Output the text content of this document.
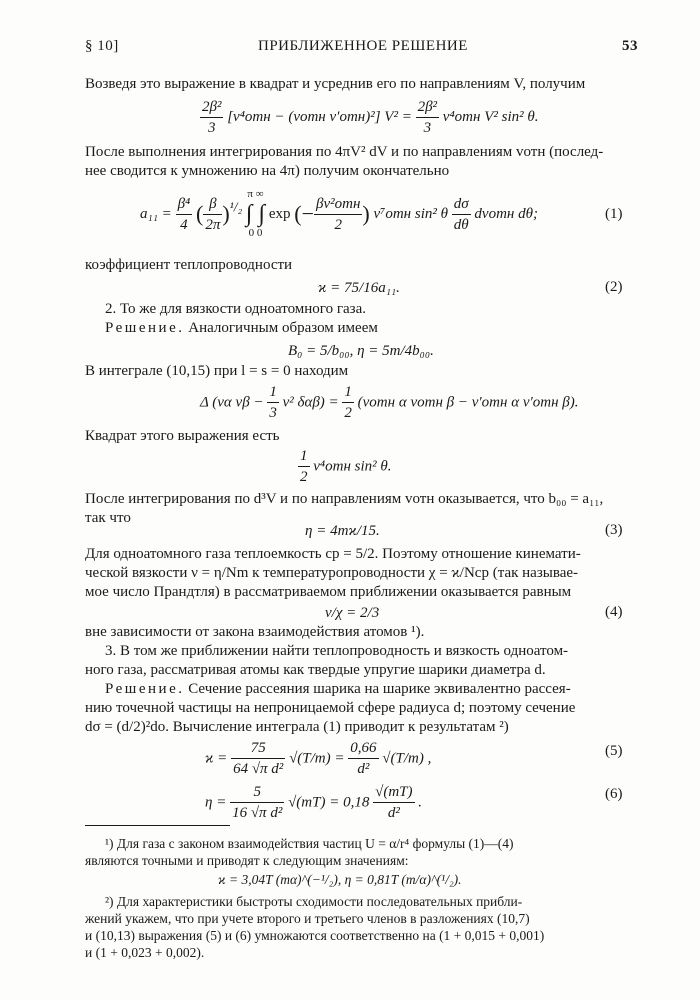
§ 10]	ПРИБЛИЖЕННОЕ РЕШЕНИЕ	53
Возведя это выражение в квадрат и усреднив его по направлениям V, получим
$\frac{\text{2β²}}{3} [v^4отн$ − (vотн v′отн)²] $V^2 = \frac{\text{2β²}}{3} v^4отн$ V² sin² θ.
После выполнения интегрирования по 4πV² dV и по направлениям vотн (послед-
нее сводится к умножению на 4π) получим окончательно
$a_{11} = \frac{\text{β⁴}}{4}$ ( $\frac{\beta}{2\pi} )^{^1/_2}$
π ∞
∫ ∫
0 0
exp (− $\frac{\text{βv²отн}}{2}$ ) v⁷отн sin² θ $\frac{d\sigma}{d\theta}$ dvотн dθ;	(1)
коэффициент теплопроводности
ϰ = 75/16a₁₁.	(2)
2. То же для вязкости одноатомного газа.
Решение. Аналогичным образом имеем
B₀ = 5/b₀₀, η = 5m/4b₀₀.
В интеграле (10,15) при l = s = 0 находим
Δ (vα $v\beta - \frac{1}{3} v^2$ $\delta\alpha\beta) = \frac{1}{2}$ (vотн α vотн β − v′отн α v′отн β).
Квадрат этого выражения есть
$\frac{1}{2} v^4отн$ sin² θ.
После интегрирования по d³V и по направлениям vотн оказывается, что b₀₀ = a₁₁,
так что
η = 4mϰ/15.	(3)
Для одноатомного газа теплоемкость cp = 5/2. Поэтому отношение кинемати-
ческой вязкости ν = η/Nm к температуропроводности χ = ϰ/Ncp (так называе-
мое число Прандтля) в рассматриваемом приближении оказывается равным
ν/χ = 2/3	(4)
вне зависимости от закона взаимодействия атомов ¹).
3. В том же приближении найти теплопроводность и вязкость одноатом-
ного газа, рассматривая атомы как твердые упругие шарики диаметра d.
Решение. Сечение рассеяния шарика на шарике эквивалентно рассея-
нию точечной частицы на непроницаемой сфере радиуса d; поэтому сечение
dσ = (d/2)²do. Вычисление интеграла (1) приводит к результатам ²)
$ϰ = \frac{75}{\text{64 √π d²}} √(T/m) = \frac{0,66}{\text{d²}} √(T/m)$ ,	(5)
$\eta = \frac{5}{\text{16 √π d²}} √(mT) = 0,18 \frac{√(mT)}{\text{d²}}$ .
(6)
¹) Для газа с законом взаимодействия частиц U = α/r⁴ формулы (1)—(4)
являются точными и приводят к следующим значениям:
ϰ = 3,04T (mα)^(−¹/₂), η = 0,81T (m/α)^(¹/₂).
²) Для характеристики быстроты сходимости последовательных прибли-
жений укажем, что при учете второго и третьего членов в разложениях (10,7)
и (10,13) выражения (5) и (6) умножаются соответственно на (1 + 0,015 + 0,001)
и (1 + 0,023 + 0,002).
